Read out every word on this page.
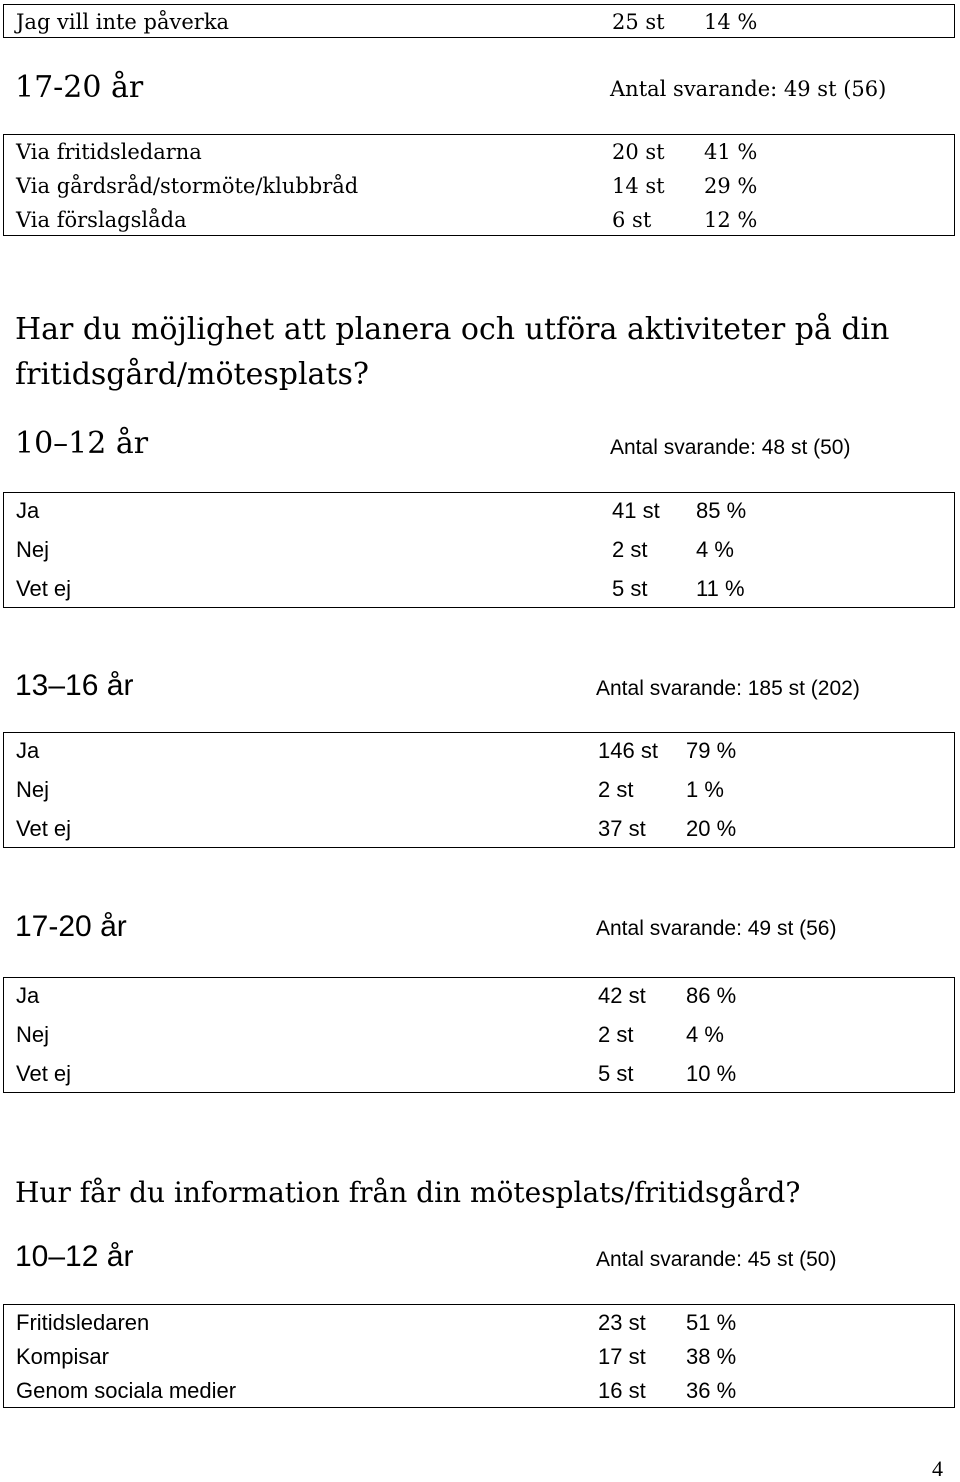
Jag vill inte påverka	25 st 14 %
17-20 år	Antal svarande: 49 st (56)
Via fritidsledarna	20 st 41 %
Via gårdsråd/stormöte/klubbråd	14 st 29 %
Via förslagslåda	6 st	12 %
Har du möjlighet att planera och utföra aktiviteter på din
fritidsgård/mötesplats?
10–12 år	Antal svarande: 48 st (50)
Ja	41 st 85 %
Nej	2 st 4 %
Vet ej	5 st 11 %
13–16 år	Antal svarande: 185 st (202)
Ja	146 st 79 %
Nej	2 st 1 %
Vet ej	37 st 20 %
17-20 år	Antal svarande: 49 st (56)
Ja	42 st 86 %
Nej	2 st 4 %
Vet ej	5 st 10 %
Hur får du information från din mötesplats/fritidsgård?
10–12 år	Antal svarande: 45 st (50)
Fritidsledaren	23 st 51 %
Kompisar	17 st 38 %
Genom sociala medier	16 st 36 %
4
